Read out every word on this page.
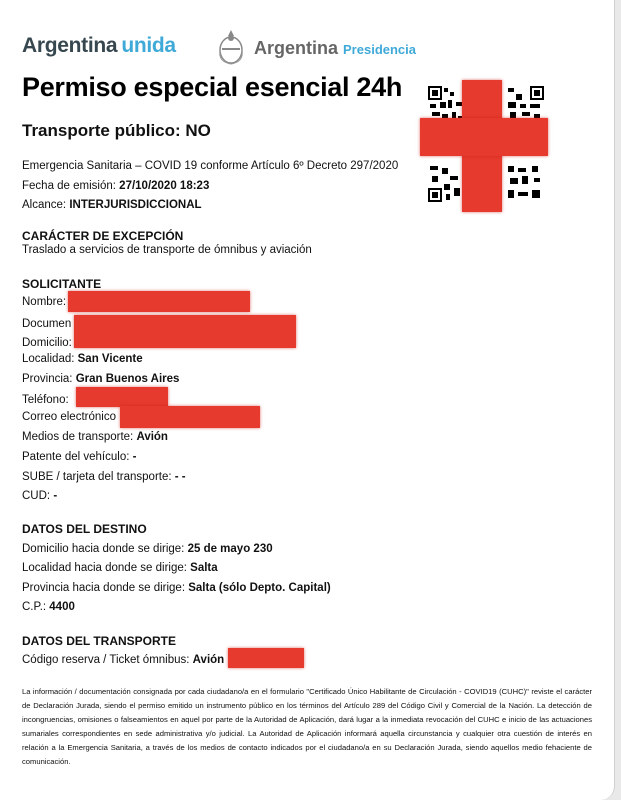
Argentina unida	Argentina Presidencia
Permiso especial esencial 24h
Transporte público: NO
Emergencia Sanitaria – COVID 19 conforme Artículo 6º Decreto 297/2020
Fecha de emisión: 27/10/2020 18:23
Alcance: INTERJURISDICCIONAL
CARÁCTER DE EXCEPCIÓN
Traslado a servicios de transporte de ómnibus y aviación
SOLICITANTE
Nombre:
Documen
Domicilio:
Localidad: San Vicente
Provincia: Gran Buenos Aires
Teléfono:
Correo electrónico
Medios de transporte: Avión
Patente del vehículo: -
SUBE / tarjeta del transporte: - -
CUD: -
DATOS DEL DESTINO
Domicilio hacia donde se dirige: 25 de mayo 230
Localidad hacia donde se dirige: Salta
Provincia hacia donde se dirige: Salta (sólo Depto. Capital)
C.P.: 4400
DATOS DEL TRANSPORTE
Código reserva / Ticket ómnibus: Avión
La información / documentación consignada por cada ciudadano/a en el formulario "Certificado Único Habilitante de Circulación - COVID19 (CUHC)" reviste el carácter de Declaración Jurada, siendo el permiso emitido un instrumento público en los términos del Artículo 289 del Código Civil y Comercial de la Nación. La detección de incongruencias, omisiones o falseamientos en aquel por parte de la Autoridad de Aplicación, dará lugar a la inmediata revocación del CUHC e inicio de las actuaciones sumariales correspondientes en sede administrativa y/o judicial. La Autoridad de Aplicación informará aquella circunstancia y cualquier otra cuestión de interés en relación a la Emergencia Sanitaria, a través de los medios de contacto indicados por el ciudadano/a en su Declaración Jurada, siendo aquellos medio fehaciente de comunicación.
